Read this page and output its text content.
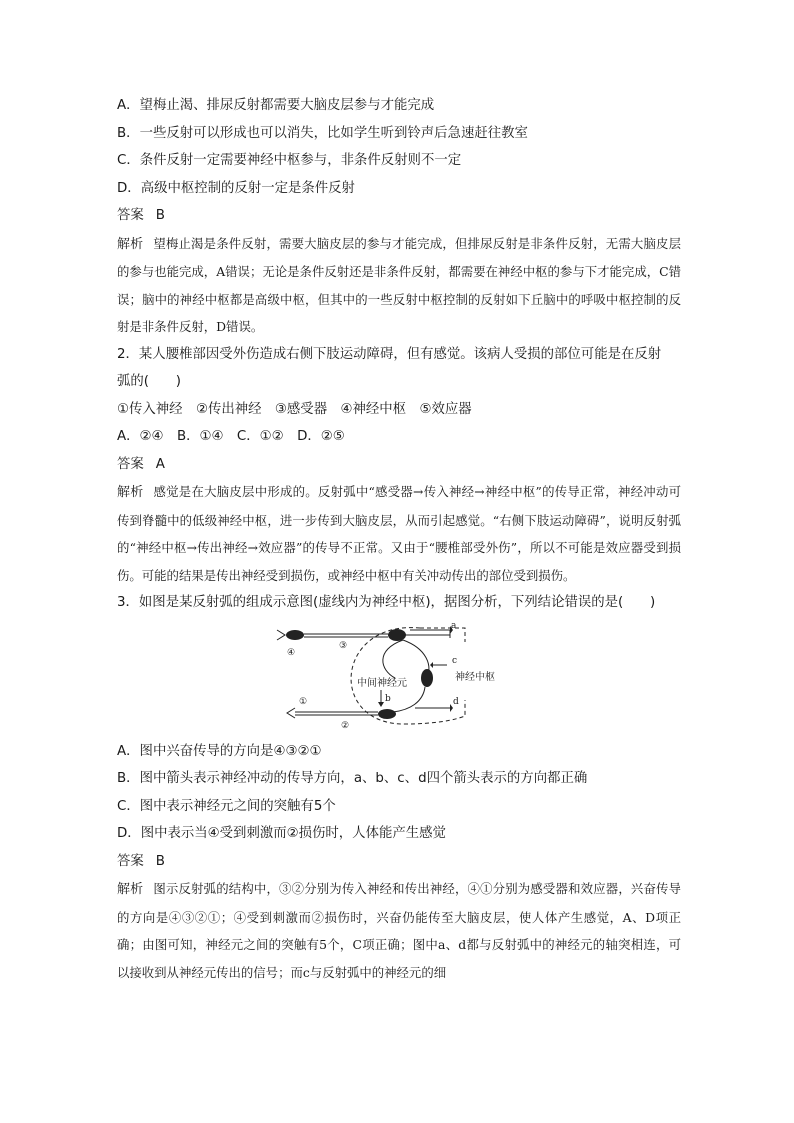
A．望梅止渴、排尿反射都需要大脑皮层参与才能完成
B．一些反射可以形成也可以消失，比如学生听到铃声后急速赶往教室
C．条件反射一定需要神经中枢参与，非条件反射则不一定
D．高级中枢控制的反射一定是条件反射
答案 B
解析 望梅止渴是条件反射，需要大脑皮层的参与才能完成，但排尿反射是非条件反射，无需大脑皮层的参与也能完成，A错误；无论是条件反射还是非条件反射，都需要在神经中枢的参与下才能完成，C错误；脑中的神经中枢都是高级中枢，但其中的一些反射中枢控制的反射如下丘脑中的呼吸中枢控制的反射是非条件反射，D错误。
2．某人腰椎部因受外伤造成右侧下肢运动障碍，但有感觉。该病人受损的部位可能是在反射
弧的(　　)
①传入神经　②传出神经　③感受器　④神经中枢　⑤效应器
A．②④　B．①④　C．①②　D．②⑤
答案 A
解析 感觉是在大脑皮层中形成的。反射弧中“感受器→传入神经→神经中枢”的传导正常，神经冲动可传到脊髓中的低级神经中枢，进一步传到大脑皮层，从而引起感觉。“右侧下肢运动障碍”，说明反射弧的“神经中枢→传出神经→效应器”的传导不正常。又由于“腰椎部受外伤”，所以不可能是效应器受到损伤。可能的结果是传出神经受到损伤，或神经中枢中有关冲动传出的部位受到损伤。
3．如图是某反射弧的组成示意图(虚线内为神经中枢)，据图分析，下列结论错误的是(　　)
④
③
①
②
a
b
c
d
中间神经元
神经中枢
A．图中兴奋传导的方向是④③②①
B．图中箭头表示神经冲动的传导方向，a、b、c、d四个箭头表示的方向都正确
C．图中表示神经元之间的突触有5个
D．图中表示当④受到刺激而②损伤时，人体能产生感觉
答案 B
解析 图示反射弧的结构中，③②分别为传入神经和传出神经，④①分别为感受器和效应器，兴奋传导的方向是④③②①；④受到刺激而②损伤时，兴奋仍能传至大脑皮层，使人体产生感觉，A、D项正确；由图可知，神经元之间的突触有5个，C项正确；图中a、d都与反射弧中的神经元的轴突相连，可以接收到从神经元传出的信号；而c与反射弧中的神经元的细
